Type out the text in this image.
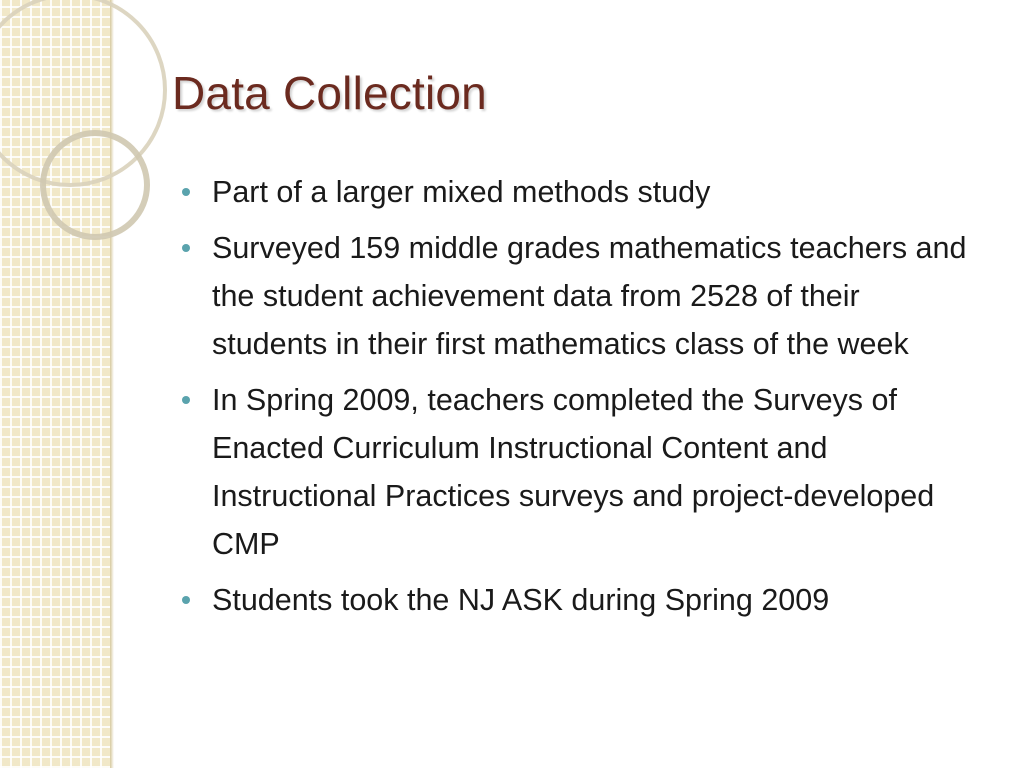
Data Collection
Part of a larger mixed methods study
Surveyed 159 middle grades mathematics teachers and the student achievement data from 2528 of their students in their first mathematics class of the week
In Spring 2009, teachers completed the Surveys of Enacted Curriculum Instructional Content and Instructional Practices surveys and project-developed CMP
Students took the NJ ASK during Spring 2009
